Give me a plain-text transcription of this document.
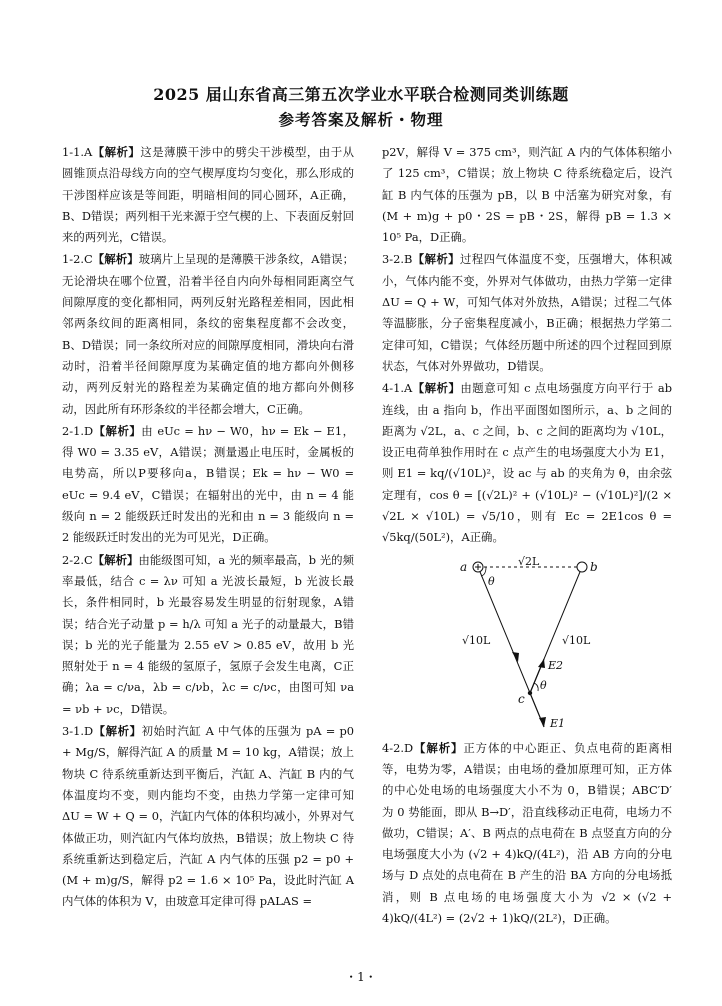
2025 届山东省高三第五次学业水平联合检测同类训练题
参考答案及解析・物理
1-1.A【解析】这是薄膜干涉中的劈尖干涉模型，由于从圆锥顶点沿母线方向的空气楔厚度均匀变化，那么形成的干涉图样应该是等间距，明暗相间的同心圆环，A正确，B、D错误；两列相干光来源于空气楔的上、下表面反射回来的两列光，C错误。
1-2.C【解析】玻璃片上呈现的是薄膜干涉条纹，A错误；无论滑块在哪个位置，沿着半径自内向外每相同距离空气间隙厚度的变化都相同，两列反射光路程差相同，因此相邻两条纹间的距离相同，条纹的密集程度都不会改变，B、D错误；同一条纹所对应的间隙厚度相同，滑块向右滑动时，沿着半径间隙厚度为某确定值的地方都向外侧移动，两列反射光的路程差为某确定值的地方都向外侧移动，因此所有环形条纹的半径都会增大，C正确。
2-1.D【解析】由 eUc = hν − W0，hν = Ek − E1，得 W0 = 3.35 eV，A错误；测量遏止电压时，金属板的电势高，所以P要移向a，B错误；Ek = hν − W0 = eUc = 9.4 eV，C错误；在辐射出的光中，由 n = 4 能级向 n = 2 能级跃迁时发出的光和由 n = 3 能级向 n = 2 能级跃迁时发出的光为可见光，D正确。
2-2.C【解析】由能级图可知，a 光的频率最高，b 光的频率最低，结合 c = λν 可知 a 光波长最短，b 光波长最长，条件相同时，b 光最容易发生明显的衍射现象，A错误；结合光子动量 p = h/λ 可知 a 光子的动量最大，B错误；b 光的光子能量为 2.55 eV > 0.85 eV，故用 b 光照射处于 n = 4 能级的氢原子，氢原子会发生电离，C正确；λa = c/νa，λb = c/νb，λc = c/νc，由图可知 νa = νb + νc，D错误。
3-1.D【解析】初始时汽缸 A 中气体的压强为 pA = p0 + Mg/S，解得汽缸 A 的质量 M = 10 kg，A错误；放上物块 C 待系统重新达到平衡后，汽缸 A、汽缸 B 内的气体温度均不变，则内能均不变，由热力学第一定律可知 ΔU = W + Q = 0，汽缸内气体的体积均减小，外界对气体做正功，则汽缸内气体均放热，B错误；放上物块 C 待系统重新达到稳定后，汽缸 A 内气体的压强 p2 = p0 + (M + m)g/S，解得 p2 = 1.6 × 10⁵ Pa，设此时汽缸 A 内气体的体积为 V，由玻意耳定律可得 pALAS =
p2V，解得 V = 375 cm³，则汽缸 A 内的气体体积缩小了 125 cm³，C错误；放上物块 C 待系统稳定后，设汽缸 B 内气体的压强为 pB，以 B 中活塞为研究对象，有 (M + m)g + p0・2S = pB・2S，解得 pB = 1.3 × 10⁵ Pa，D正确。
3-2.B【解析】过程四气体温度不变，压强增大，体积减小，气体内能不变，外界对气体做功，由热力学第一定律 ΔU = Q + W，可知气体对外放热，A错误；过程二气体等温膨胀，分子密集程度减小，B正确；根据热力学第二定律可知，C错误；气体经历题中所述的四个过程回到原状态，气体对外界做功，D错误。
4-1.A【解析】由题意可知 c 点电场强度方向平行于 ab 连线，由 a 指向 b，作出平面图如图所示，a、b 之间的距离为 √2L，a、c 之间，b、c 之间的距离均为 √10L，设正电荷单独作用时在 c 点产生的电场强度大小为 E1，则 E1 = kq/(√10L)²，设 ac 与 ab 的夹角为 θ，由余弦定理有，cos θ = [(√2L)² + (√10L)² − (√10L)²]/(2 × √2L × √10L) = √5/10，则有 Ec = 2E1cos θ = √5kq/(50L²)，A正确。
a	b
√2L
θ
√10L	√10L
E2
θ
c
E1
4-2.D【解析】正方体的中心距正、负点电荷的距离相等，电势为零，A错误；由电场的叠加原理可知，正方体的中心处电场的电场强度大小不为 0，B错误；ABC′D′ 为 0 势能面，即从 B→D′，沿直线移动正电荷，电场力不做功，C错误；A′、B 两点的点电荷在 B 点竖直方向的分电场强度大小为 (√2 + 4)kQ/(4L²)，沿 AB 方向的分电场与 D 点处的点电荷在 B 产生的沿 BA 方向的分电场抵消，则 B 点电场的电场强度大小为 √2 × (√2 + 4)kQ/(4L²) = (2√2 + 1)kQ/(2L²)，D正确。
・1・
